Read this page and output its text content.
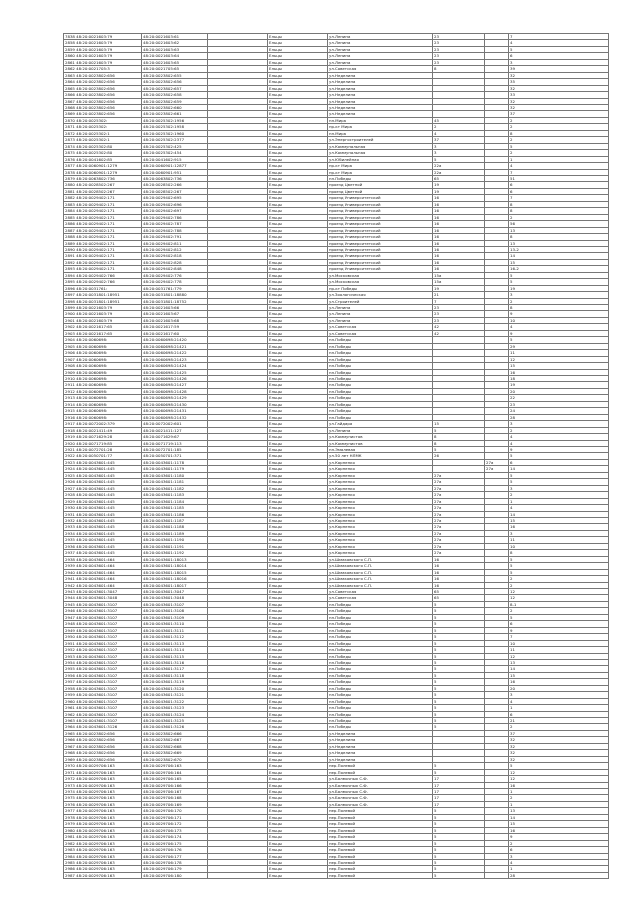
7838 48:20:0021603:79	48:20:0021603:61		Ельцы	ул.Ленина	23		7
2858 48:20:0021603:79	48:20:0021603:62		Ельцы	ул.Ленина	23		4
2859 48:20:0021603:79	48:20:0021603:63		Ельцы	ул.Ленина	23		5
2860 48:20:0021603:79	48:20:0021603:64		Ельцы	ул.Ленина	23		6
2861 48:20:0021603:79	48:20:0021603:65		Ельцы	ул.Ленина	23		3
2862 48:20:0021705:3	48:20:0021705:65		Ельцы	ул.Советская	8		39
2863 48:20:0023802:656	48:20:0023802:655		Ельцы	ул.Неделина			32
2864 48:20:0023802:656	48:20:0023802:656		Ельцы	ул.Неделина			35
2865 48:20:0023802:656	48:20:0023802:657		Ельцы	ул.Неделина			32
2866 48:20:0023802:656	48:20:0023802:658		Ельцы	ул.Неделина			33
2867 48:20:0023802:656	48:20:0023802:659		Ельцы	ул.Неделина			32
2868 48:20:0023802:656	48:20:0023802:660		Ельцы	ул.Неделина			32
2869 48:20:0023802:656	48:20:0023802:661		Ельцы	ул.Неделина			37
2870 48:20:0025302:	48:20:0025302:1956		Ельцы	пл.Мира	45		2
2871 48:20:0025302:	48:20:0025302:1958		Ельцы	пр-кт Мира	2		2
2872 48:20:0025302:1	48:20:0025302:1960		Ельцы	пл.Мира	4		8
2873 48:20:0025302:1	48:20:0025302:2377		Ельцы	ул.Энергостроителей	37		2
2874 48:20:0025302:80	48:20:0025302:425		Ельцы	ул.Коммунальная	3		5
2875 48:20:0025302:80	48:20:0025302:454		Ельцы	ул.Коммунальная	3		2
2876 48:20:0041602:85	48:20:0041602:915		Ельцы	ул.Юбилейная	5		1
2877 48:20:0060901:1279	48:20:0060901:12877		Ельцы	пр-кт Мира	22а		4
2878 48:20:0060901:1279	48:20:0060901:951		Ельцы	пр-кт Мира	22а		7
2879 48:20:0063802:736	48:20:0063802:736		Ельцы	пл.Победы	65		51
2880 48:20:0028502:267	48:20:0028502:266		Ельцы	проезд Цветной	19		6
2881 48:20:0028502:267	48:20:0028502:267		Ельцы	проезд Цветной	19		6
2882 48:20:0029402:171	48:20:0029402:695		Ельцы	проезд Университетский	16		7
2883 48:20:0029402:171	48:20:0029402:696		Ельцы	проезд Университетский	16		8
2884 48:20:0029402:171	48:20:0029402:697		Ельцы	проезд Университетский	16		8
2885 48:20:0029402:171	48:20:0029402:786		Ельцы	проезд Университетский	16		2
2886 48:20:0029402:171	48:20:0029402:787		Ельцы	проезд Университетский	16		56
2887 48:20:0029402:171	48:20:0029402:788		Ельцы	проезд Университетский	16		13
2888 48:20:0029402:171	48:20:0029402:791		Ельцы	проезд Университетский	16		8
2889 48:20:0029402:171	48:20:0029402:811		Ельцы	проезд Университетский	16		13
2890 48:20:0029402:171	48:20:0029402:812		Ельцы	проезд Университетский	16		13-2
2891 48:20:0029402:171	48:20:0029402:818		Ельцы	проезд Университетский	16		14
2892 48:20:0029402:171	48:20:0029402:828		Ельцы	проезд Университетский	16		15
2893 48:20:0029402:171	48:20:0029402:848		Ельцы	проезд Университетский	16		16-2
2894 48:20:0029402:766	48:20:0029402:776		Ельцы	ул.Московская	15а		5
2895 48:20:0029402:766	48:20:0029402:778		Ельцы	ул.Московская	15а		5
2896 48:20:0031761:	48:20:0031761:779		Ельцы	пр-кт Победы	19		19
2897 48:20:0031801:18951	48:20:0031801:18880		Ельцы	ул.Зоологическая	21		3
2898 48:20:0031801:18951	48:20:0031801:18752		Ельцы	ул.Строителей	7		2
2899 48:20:0021603:79	48:20:0021603:66		Ельцы	ул.Ленина	23		8
2900 48:20:0021603:79	48:20:0021603:67		Ельцы	ул.Ленина	23		9
2901 48:20:0021603:79	48:20:0021603:68		Ельцы	ул.Ленина	23		10
2902 48:20:0021617:65	48:20:0021617:59		Ельцы	ул.Советская	42		4
2903 48:20:0021617:65	48:20:0021617:60		Ельцы	ул.Советская	42		9
2904 48:20:0060698:	48:20:0060698:21420		Ельцы	пл.Победы			5
2905 48:20:0060698:	48:20:0060698:21421		Ельцы	пл.Победы			29
2906 48:20:0060698:	48:20:0060698:21422		Ельцы	пл.Победы			11
2907 48:20:0060698:	48:20:0060698:21423		Ельцы	пл.Победы			12
2908 48:20:0060698:	48:20:0060698:21424		Ельцы	пл.Победы			15
2909 48:20:0060698:	48:20:0060698:21425		Ельцы	пл.Победы			16
2910 48:20:0060698:	48:20:0060698:21426		Ельцы	пл.Победы			18
2911 48:20:0060698:	48:20:0060698:21427		Ельцы	пл.Победы			19
2912 48:20:0060698:	48:20:0060698:21428		Ельцы	пл.Победы			20
2913 48:20:0060698:	48:20:0060698:21429		Ельцы	пл.Победы			22
2914 48:20:0060698:	48:20:0060698:21430		Ельцы	пл.Победы			23
2915 48:20:0060698:	48:20:0060698:21431		Ельцы	пл.Победы			24
2916 48:20:0060698:	48:20:0060698:21432		Ельцы	пл.Победы			28
2917 48:20:0072002:379	48:20:0072002:601		Ельцы	ул.Гайдара	15		3
2918 48:20:0021411:49	48:20:0021411:127		Ельцы	ул.Ленина	5		2
2919 48:20:0071629:28	48:20:0071629:67		Ельцы	ул.Коммунистов	8		4
2920 48:20:0071719:85	48:20:0071719:113		Ельцы	ул.Коммунистов	8		4
2921 48:20:0072701:28	48:20:0072701:185		Ельцы	пл.Эмалевая	5		9
2922 48:20:0050701:77	48:20:0050701:371		Ельцы	ул.50 лет НЛМК	26		5
2923 48:20:0043601:445	48:20:0043601:1178		Ельцы	ул.Карпенко		27а	6
2924 48:20:0043601:445	48:20:0043601:1179		Ельцы	ул.Карпенко		27а	14
2925 48:20:0043601:445	48:20:0043601:1180		Ельцы	ул.Карпенко	27а		5
2926 48:20:0043601:445	48:20:0043601:1181		Ельцы	ул.Карпенко	27а		5
2927 48:20:0043601:445	48:20:0043601:1182		Ельцы	ул.Карпенко	27а		3
2928 48:20:0043601:445	48:20:0043601:1183		Ельцы	ул.Карпенко	27а		2
2929 48:20:0043601:445	48:20:0043601:1184		Ельцы	ул.Карпенко	27а		1
2930 48:20:0043601:445	48:20:0043601:1185		Ельцы	ул.Карпенко	27а		4
2931 48:20:0043601:445	48:20:0043601:1186		Ельцы	ул.Карпенко	27а		14
2932 48:20:0043601:445	48:20:0043601:1187		Ельцы	ул.Карпенко	27а		15
2933 48:20:0043601:445	48:20:0043601:1188		Ельцы	ул.Карпенко	27а		16
2934 48:20:0043601:445	48:20:0043601:1189		Ельцы	ул.Карпенко	27а		3
2935 48:20:0043601:445	48:20:0043601:1190		Ельцы	ул.Карпенко	27а		11
2936 48:20:0043601:445	48:20:0043601:1191		Ельцы	ул.Карпенко	27а		10
2937 48:20:0043601:445	48:20:0043601:1192		Ельцы	ул.Карпенко	27а		8
2938 48:20:0043601:464	48:20:0043601:18013		Ельцы	ул.Шмаковского С.П.	16		5
2939 48:20:0043601:464	48:20:0043601:18014		Ельцы	ул.Шмаковского С.П.	16		5
2940 48:20:0043601:464	48:20:0043601:18015		Ельцы	ул.Шмаковского С.П.	16		5
2941 48:20:0043601:464	48:20:0043601:18016		Ельцы	ул.Шмаковского С.П.	16		2
2942 48:20:0043601:464	48:20:0043601:18017		Ельцы	ул.Шмаковского С.П.	16		2
2943 48:20:0043601:3047	48:20:0043601:3047		Ельцы	ул.Советская	65		12
2944 48:20:0043601:3048	48:20:0043601:3048		Ельцы	ул.Советская	65		12
2945 48:20:0043601:3107	48:20:0043601:3107		Ельцы	пл.Победы	5		8-1
2946 48:20:0043601:3107	48:20:0043601:3108		Ельцы	пл.Победы	5		2
2947 48:20:0043601:3107	48:20:0043601:3109		Ельцы	пл.Победы	5		5
2948 48:20:0043601:3107	48:20:0043601:3110		Ельцы	пл.Победы	5		6
2949 48:20:0043601:3107	48:20:0043601:3111		Ельцы	пл.Победы	5		9
2950 48:20:0043601:3107	48:20:0043601:3112		Ельцы	пл.Победы	5		7
2951 48:20:0043601:3107	48:20:0043601:3113		Ельцы	пл.Победы	5		10
2952 48:20:0043601:3107	48:20:0043601:3114		Ельцы	пл.Победы	5		11
2953 48:20:0043601:3107	48:20:0043601:3115		Ельцы	пл.Победы	5		12
2954 48:20:0043601:3107	48:20:0043601:3116		Ельцы	пл.Победы	5		13
2955 48:20:0043601:3107	48:20:0043601:3117		Ельцы	пл.Победы	5		14
2956 48:20:0043601:3107	48:20:0043601:3118		Ельцы	пл.Победы	5		15
2957 48:20:0043601:3107	48:20:0043601:3119		Ельцы	пл.Победы	5		16
2958 48:20:0043601:3107	48:20:0043601:3120		Ельцы	пл.Победы	5		20
2959 48:20:0043601:3107	48:20:0043601:3121		Ельцы	пл.Победы	5		3
2960 48:20:0043601:3107	48:20:0043601:3122		Ельцы	пл.Победы	5		4
2961 48:20:0043601:3107	48:20:0043601:3123		Ельцы	пл.Победы	5		1
2962 48:20:0043601:3107	48:20:0043601:3124		Ельцы	пл.Победы	5		6
2963 48:20:0043601:3107	48:20:0043601:3125		Ельцы	пл.Победы	5		21
2964 48:20:0043601:3126	48:20:0043601:3126		Ельцы	пл.Победы	5		2
2965 48:20:0023802:656	48:20:0023802:666		Ельцы	ул.Неделина			37
2966 48:20:0023802:656	48:20:0023802:667		Ельцы	ул.Неделина			32
2967 48:20:0023802:656	48:20:0023802:668		Ельцы	ул.Неделина			32
2968 48:20:0023802:656	48:20:0023802:669		Ельцы	ул.Неделина			32
2969 48:20:0023802:656	48:20:0023802:670		Ельцы	ул.Неделина			32
2970 48:20:0029706:163	48:20:0029706:163		Ельцы	пер.Полевой	5		5
2971 48:20:0029706:163	48:20:0029706:164		Ельцы	пер.Полевой	5		12
2972 48:20:0029706:163	48:20:0029706:165		Ельцы	ул.Балмочных С.Ф.	17		12
2973 48:20:0029706:163	48:20:0029706:166		Ельцы	ул.Балмочных С.Ф.	17		16
2974 48:20:0029706:163	48:20:0029706:167		Ельцы	ул.Балмочных С.Ф.	17		1
2975 48:20:0029706:163	48:20:0029706:168		Ельцы	ул.Балмочных С.Ф.	17		2
2976 48:20:0029706:163	48:20:0029706:169		Ельцы	ул.Балмочных С.Ф.	17		1
2977 48:20:0029706:163	48:20:0029706:170		Ельцы	пер.Полевой	5		13
2978 48:20:0029706:163	48:20:0029706:171		Ельцы	пер.Полевой	5		14
2979 48:20:0029706:163	48:20:0029706:172		Ельцы	пер.Полевой	5		15
2980 48:20:0029706:163	48:20:0029706:173		Ельцы	пер.Полевой	5		16
2981 48:20:0029706:163	48:20:0029706:174		Ельцы	пер.Полевой	5		9
2982 48:20:0029706:163	48:20:0029706:175		Ельцы	пер.Полевой	5		2
2983 48:20:0029706:163	48:20:0029706:176		Ельцы	пер.Полевой	5		6
2984 48:20:0029706:163	48:20:0029706:177		Ельцы	пер.Полевой	5		3
2985 48:20:0029706:163	48:20:0029706:178		Ельцы	пер.Полевой	5		4
2986 48:20:0029706:163	48:20:0029706:179		Ельцы	пер.Полевой	5		1
2987 48:20:0029706:163	48:20:0029706:180		Ельцы	пер.Полевой	5		28
